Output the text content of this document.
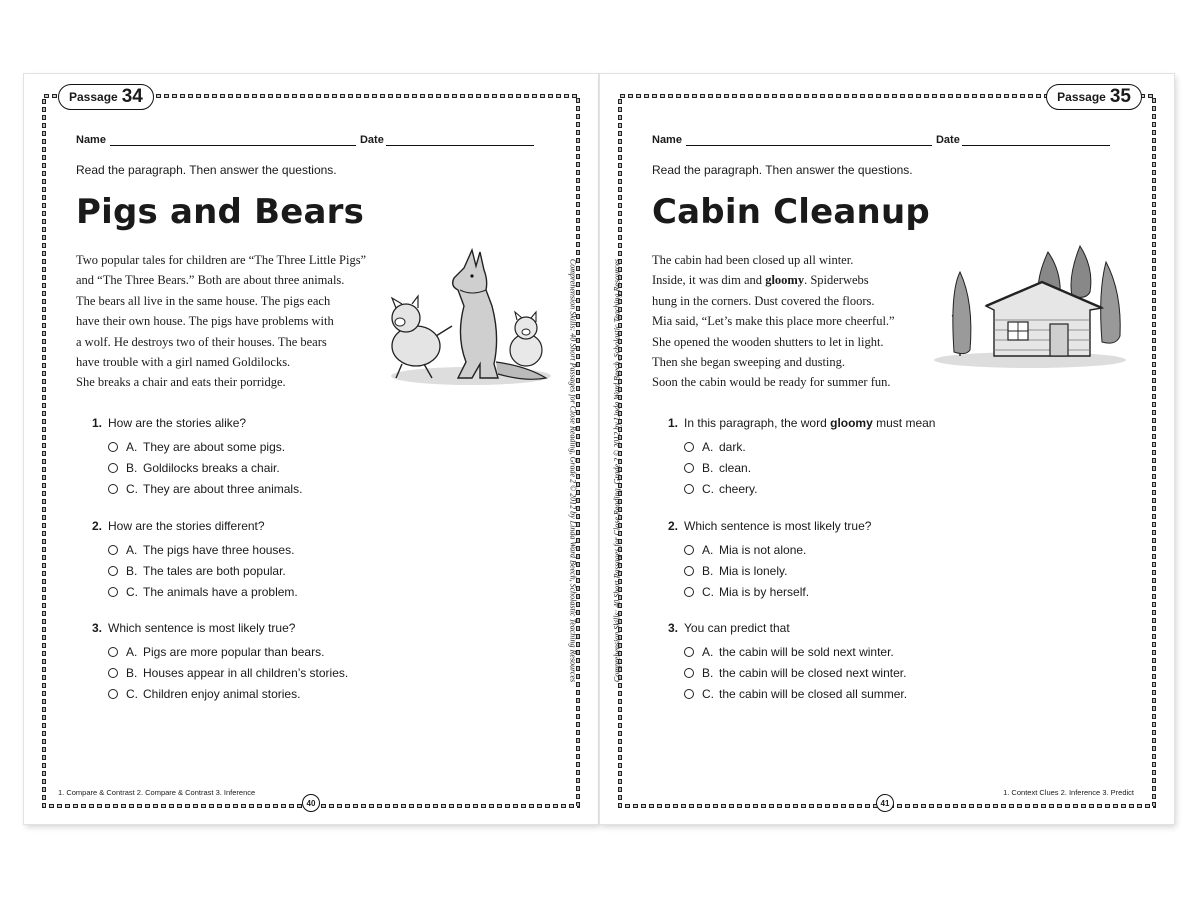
Passage 34
Name	Date
Read the paragraph. Then answer the questions.
Pigs and Bears
Two popular tales for children are “The Three Little Pigs”
and “The Three Bears.” Both are about three animals.
The bears all live in the same house. The pigs each
have their own house. The pigs have problems with
a wolf. He destroys two of their houses. The bears
have trouble with a girl named Goldilocks.
She breaks a chair and eats their porridge.
1. How are the stories alike?
A. They are about some pigs.
B. Goldilocks breaks a chair.
C. They are about three animals.
2. How are the stories different?
A. The pigs have three houses.
B. The tales are both popular.
C. The animals have a problem.
3. Which sentence is most likely true?
A. Pigs are more popular than bears.
B. Houses appear in all children’s stories.
C. Children enjoy animal stories.
1. Compare & Contrast 2. Compare & Contrast 3. Inference
40
Comprehension Skills: 40 Short Passages for Close Reading, Grade 2 © 2012 by Linda Ward Beech, Scholastic Teaching Resources
Passage 35
Name	Date
Read the paragraph. Then answer the questions.
Cabin Cleanup
The cabin had been closed up all winter.
Inside, it was dim and gloomy. Spiderwebs
hung in the corners. Dust covered the floors.
Mia said, “Let’s make this place more cheerful.”
She opened the wooden shutters to let in light.
Then she began sweeping and dusting.
Soon the cabin would be ready for summer fun.
1. In this paragraph, the word gloomy must mean
A. dark.
B. clean.
C. cheery.
2. Which sentence is most likely true?
A. Mia is not alone.
B. Mia is lonely.
C. Mia is by herself.
3. You can predict that
A. the cabin will be sold next winter.
B. the cabin will be closed next winter.
C. the cabin will be closed all summer.
1. Context Clues 2. Inference 3. Predict
41
Comprehension Skills: 40 Short Passages for Close Reading, Grade 2 © 2012 by Linda Ward Beech, Scholastic Teaching Resources
